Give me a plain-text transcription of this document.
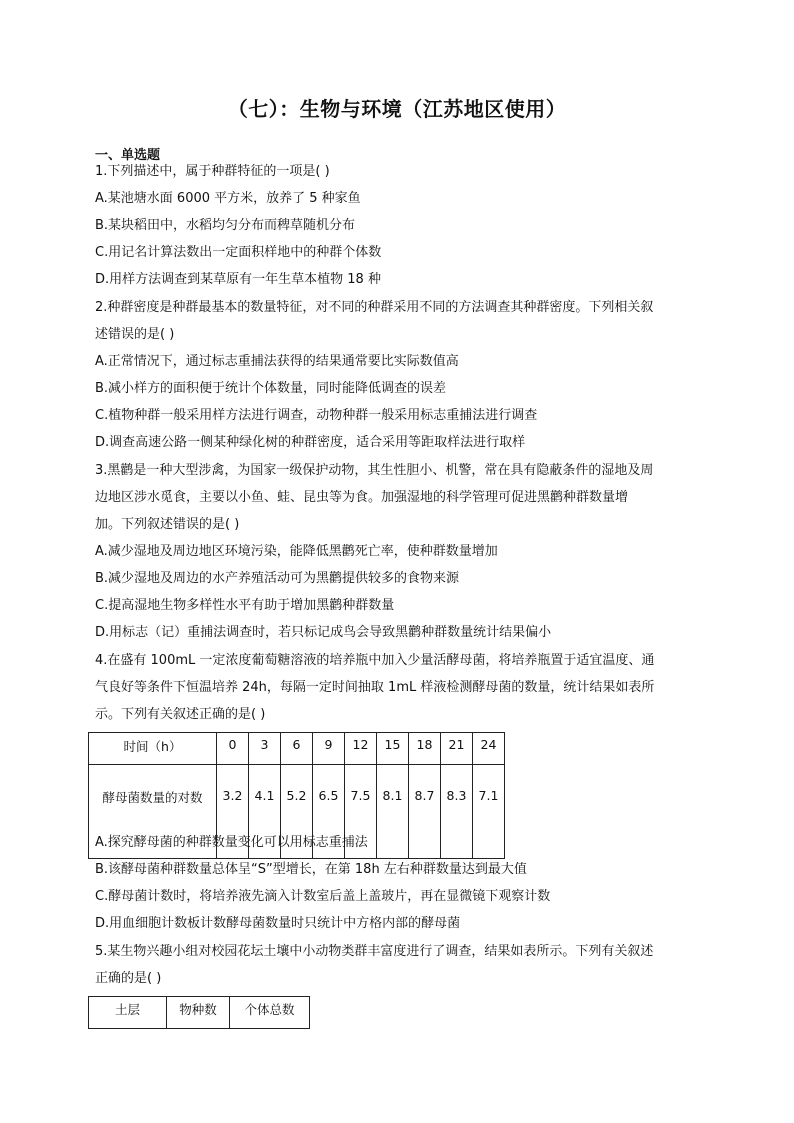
（七）：生物与环境（江苏地区使用）
一、单选题
1.下列描述中，属于种群特征的一项是( )
A.某池塘水面 6000 平方米，放养了 5 种家鱼
B.某块稻田中，水稻均匀分布而稗草随机分布
C.用记名计算法数出一定面积样地中的种群个体数
D.用样方法调查到某草原有一年生草本植物 18 种
2.种群密度是种群最基本的数量特征，对不同的种群采用不同的方法调查其种群密度。下列相关叙
述错误的是( )
A.正常情况下，通过标志重捕法获得的结果通常要比实际数值高
B.减小样方的面积便于统计个体数量，同时能降低调查的误差
C.植物种群一般采用样方法进行调查，动物种群一般采用标志重捕法进行调查
D.调查高速公路一侧某种绿化树的种群密度，适合采用等距取样法进行取样
3.黑鹳是一种大型涉禽，为国家一级保护动物，其生性胆小、机警，常在具有隐蔽条件的湿地及周
边地区涉水觅食，主要以小鱼、蛙、昆虫等为食。加强湿地的科学管理可促进黑鹳种群数量增
加。下列叙述错误的是( )
A.减少湿地及周边地区环境污染，能降低黑鹳死亡率，使种群数量增加
B.减少湿地及周边的水产养殖活动可为黑鹳提供较多的食物来源
C.提高湿地生物多样性水平有助于增加黑鹳种群数量
D.用标志（记）重捕法调查时，若只标记成鸟会导致黑鹳种群数量统计结果偏小
4.在盛有 100mL 一定浓度葡萄糖溶液的培养瓶中加入少量活酵母菌，将培养瓶置于适宜温度、通
气良好等条件下恒温培养 24h，每隔一定时间抽取 1mL 样液检测酵母菌的数量，统计结果如表所
示。下列有关叙述正确的是( )
时间（h）	0	3	6	9	12	15	18	21	24
酵母菌数量的对数	3.2	4.1	5.2	6.5	7.5	8.1	8.7	8.3	7.1
A.探究酵母菌的种群数量变化可以用标志重捕法
B.该酵母菌种群数量总体呈“S”型增长，在第 18h 左右种群数量达到最大值
C.酵母菌计数时，将培养液先滴入计数室后盖上盖玻片，再在显微镜下观察计数
D.用血细胞计数板计数酵母菌数量时只统计中方格内部的酵母菌
5.某生物兴趣小组对校园花坛土壤中小动物类群丰富度进行了调查，结果如表所示。下列有关叙述
正确的是( )
土层	物种数	个体总数
